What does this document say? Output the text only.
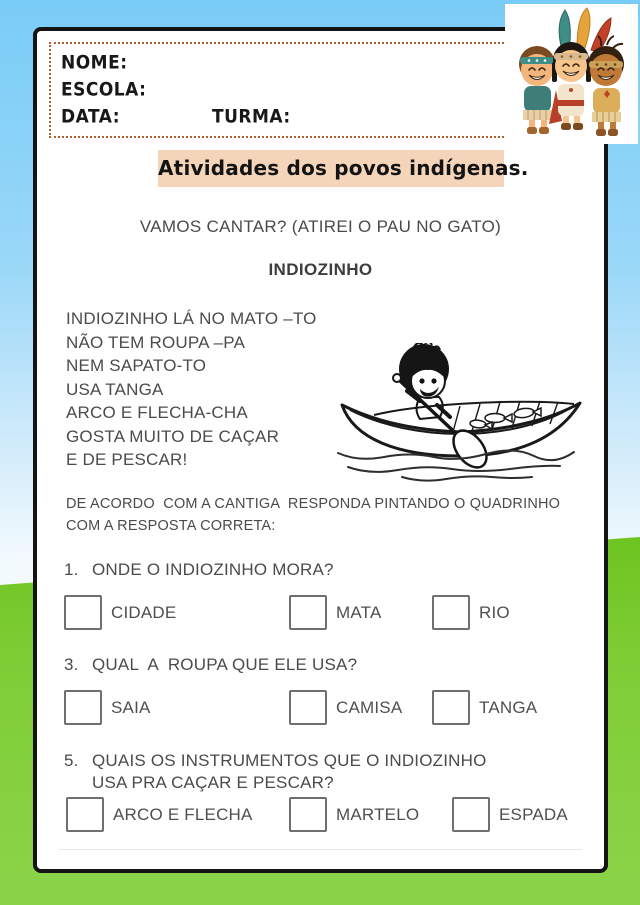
NOME:
ESCOLA:
DATA:	TURMA:
Atividades dos povos indígenas.
VAMOS CANTAR? (ATIREI O PAU NO GATO)
INDIOZINHO
INDIOZINHO LÁ NO MATO –TO
NÃO TEM ROUPA –PA
NEM SAPATO-TO
USA TANGA
ARCO E FLECHA-CHA
GOSTA MUITO DE CAÇAR
E DE PESCAR!
DE ACORDO  COM A CANTIGA  RESPONDA PINTANDO O QUADRINHO
COM A RESPOSTA CORRETA:
1. ONDE O INDIOZINHO MORA?
CIDADE	MATA	RIO
3. QUAL  A  ROUPA QUE ELE USA?
SAIA	CAMISA	TANGA
5. QUAIS OS INSTRUMENTOS QUE O INDIOZINHO
USA PRA CAÇAR E PESCAR?
ARCO E FLECHA	MARTELO	ESPADA
